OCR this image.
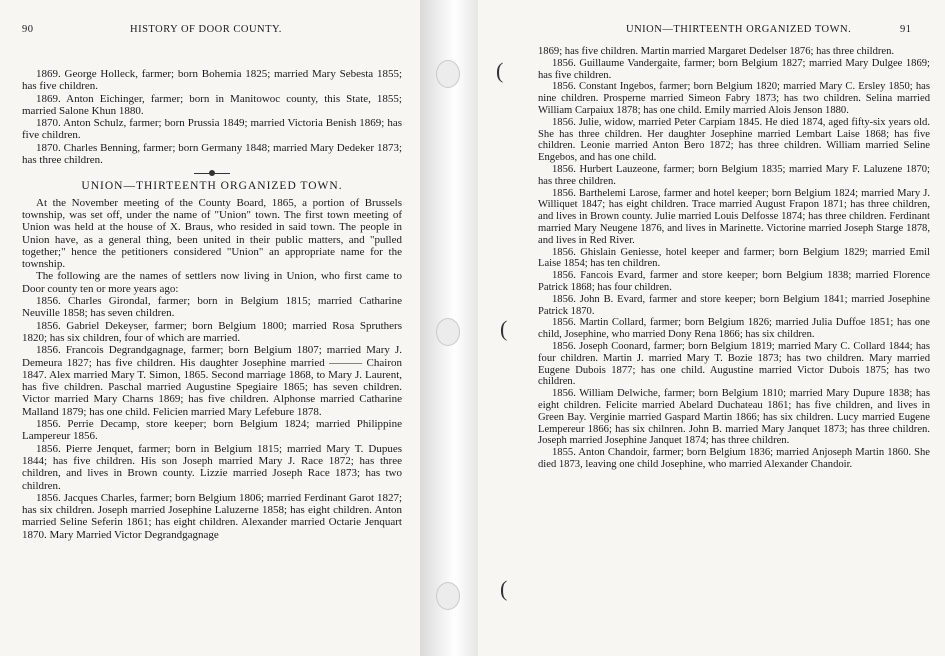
90	HISTORY OF DOOR COUNTY.

1869. George Holleck, farmer; born Bohemia 1825; married Mary Sebesta 1855; has five children.

1869. Anton Eichinger, farmer; born in Manitowoc county, this State, 1855; married Salone Khun 1880.

1870. Anton Schulz, farmer; born Prussia 1849; married Victoria Benish 1869; has five children.

1870. Charles Benning, farmer; born Germany 1848; married Mary Dedeker 1873; has three children.

UNION—THIRTEENTH ORGANIZED TOWN.

At the November meeting of the County Board, 1865, a portion of Brussels township, was set off, under the name of "Union" town. The first town meeting of Union was held at the house of X. Braus, who resided in said town. The people in Union have, as a general thing, been united in their public matters, and "pulled together;" hence the petitioners considered "Union" an appropriate name for the township.

The following are the names of settlers now living in Union, who first came to Door county ten or more years ago:

1856. Charles Girondal, farmer; born in Belgium 1815; married Catharine Neuville 1858; has seven children.

1856. Gabriel Dekeyser, farmer; born Belgium 1800; married Rosa Spruthers 1820; has six children, four of which are married.

1856. Francois Degrandgagnage, farmer; born Belgium 1807; married Mary J. Demeura 1827; has five children. His daughter Josephine married ——— Chairon 1847. Alex married Mary T. Simon, 1865. Second marriage 1868, to Mary J. Laurent, has five children. Paschal married Augustine Spegiaire 1865; has seven children. Victor married Mary Charns 1869; has five children. Alphonse married Catharine Malland 1879; has one child. Felicien married Mary Lefebure 1878.

1856. Perrie Decamp, store keeper; born Belgium 1824; married Philippine Lampereur 1856.

1856. Pierre Jenquet, farmer; born in Belgium 1815; married Mary T. Dupues 1844; has five children. His son Joseph married Mary J. Race 1872; has three children, and lives in Brown county. Lizzie married Joseph Race 1873; has two children.

1856. Jacques Charles, farmer; born Belgium 1806; married Ferdinant Garot 1827; has six children. Joseph married Josephine Laluzerne 1858; has eight children. Anton married Seline Seferin 1861; has eight children. Alexander married Octarie Jenquart 1870. Mary Married Victor Degrandgagnage

(
(
(
UNION—THIRTEENTH ORGANIZED TOWN.	91

1869; has five children. Martin married Margaret Dedelser 1876; has three children.

1856. Guillaume Vandergaite, farmer; born Belgium 1827; married Mary Dulgee 1869; has five children.

1856. Constant Ingebos, farmer; born Belgium 1820; married Mary C. Ersley 1850; has nine children. Prosperne married Simeon Fabry 1873; has two children. Selina married William Carpaiux 1878; has one child. Emily married Alois Jenson 1880.

1856. Julie, widow, married Peter Carpiam 1845. He died 1874, aged fifty-six years old. She has three children. Her daughter Josephine married Lembart Laise 1868; has five children. Leonie married Anton Bero 1872; has three children. William married Seline Engebos, and has one child.

1856. Hurbert Lauzeone, farmer; born Belgium 1835; married Mary F. Laluzene 1870; has three children.

1856. Barthelemi Larose, farmer and hotel keeper; born Belgium 1824; married Mary J. Williquet 1847; has eight children. Trace married August Frapon 1871; has three children, and lives in Brown county. Julie married Louis Delfosse 1874; has three children. Ferdinant married Mary Neugene 1876, and lives in Marinette. Victorine married Joseph Starge 1878, and lives in Red River.

1856. Ghislain Geniesse, hotel keeper and farmer; born Belgium 1829; married Emil Laise 1854; has ten children.

1856. Fancois Evard, farmer and store keeper; born Belgium 1838; married Florence Patrick 1868; has four children.

1856. John B. Evard, farmer and store keeper; born Belgium 1841; married Josephine Patrick 1870.

1856. Martin Collard, farmer; born Belgium 1826; married Julia Duffoe 1851; has one child, Josephine, who married Dony Rena 1866; has six children.

1856. Joseph Coonard, farmer; born Belgium 1819; married Mary C. Collard 1844; has four children. Martin J. married Mary T. Bozie 1873; has two children. Mary married Eugene Dubois 1877; has one child. Augustine married Victor Dubois 1875; has two children.

1856. William Delwiche, farmer; born Belgium 1810; married Mary Dupure 1838; has eight children. Felicite married Abelard Duchateau 1861; has five children, and lives in Green Bay. Verginie married Gaspard Martin 1866; has six children. Lucy married Eugene Lempereur 1866; has six chilnren. John B. married Mary Janquet 1873; has three children. Joseph married Josephine Janquet 1874; has three children.

1855. Anton Chandoir, farmer; born Belgium 1836; married Anjoseph Martin 1860. She died 1873, leaving one child Josephine, who married Alexander Chandoir.
